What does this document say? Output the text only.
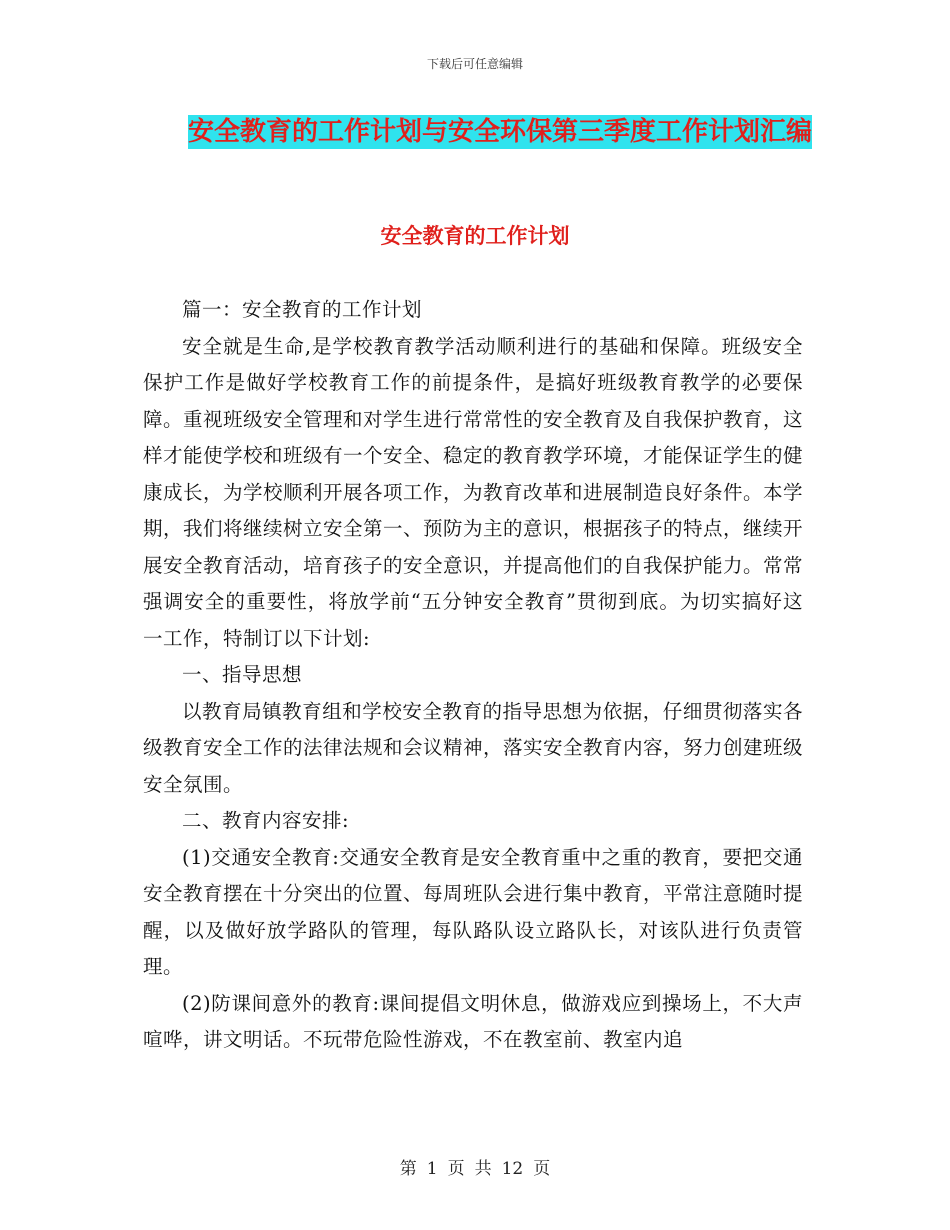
下载后可任意编辑
安全教育的工作计划与安全环保第三季度工作计划汇编
安全教育的工作计划

篇一：安全教育的工作计划

安全就是生命,是学校教育教学活动顺利进行的基础和保障。班级安全保护工作是做好学校教育工作的前提条件，是搞好班级教育教学的必要保障。重视班级安全管理和对学生进行常常性的安全教育及自我保护教育，这样才能使学校和班级有一个安全、稳定的教育教学环境，才能保证学生的健康成长，为学校顺利开展各项工作，为教育改革和进展制造良好条件。本学期，我们将继续树立安全第一、预防为主的意识，根据孩子的特点，继续开展安全教育活动，培育孩子的安全意识，并提高他们的自我保护能力。常常强调安全的重要性，将放学前“五分钟安全教育”贯彻到底。为切实搞好这一工作，特制订以下计划:

一、指导思想

以教育局镇教育组和学校安全教育的指导思想为依据，仔细贯彻落实各级教育安全工作的法律法规和会议精神，落实安全教育内容，努力创建班级安全氛围。

二、教育内容安排:

(1)交通安全教育:交通安全教育是安全教育重中之重的教育，要把交通安全教育摆在十分突出的位置、每周班队会进行集中教育，平常注意随时提醒，以及做好放学路队的管理，每队路队设立路队长，对该队进行负责管理。

(2)防课间意外的教育:课间提倡文明休息，做游戏应到操场上，不大声喧哗，讲文明话。不玩带危险性游戏，不在教室前、教室内追

第 1 页 共 12 页
